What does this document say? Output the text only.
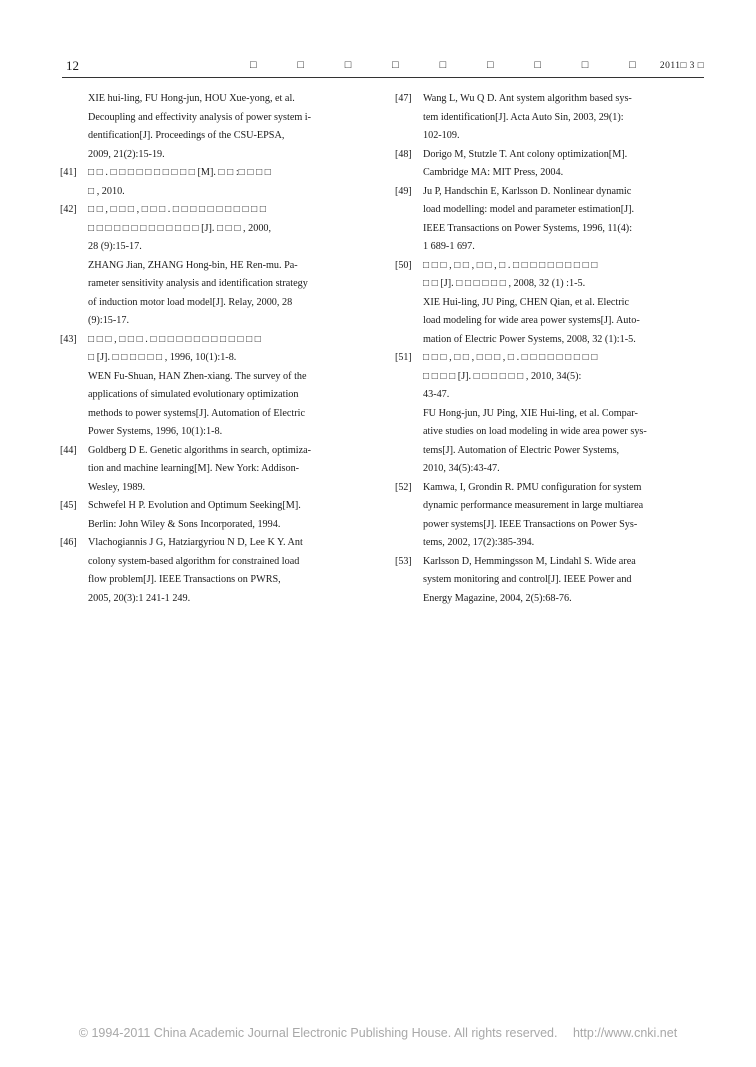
12	□ □ □ □ □ □ □ □ □ 2011□ 3 □
XIE hui-ling, FU Hong-jun, HOU Xue-yong, et al.
Decoupling and effectivity analysis of power system i-
dentification[J]. Proceedings of the CSU-EPSA,
2009, 21(2):15-19.
[41] □ □ . □ □ □ □ □ □ □ □ □ □ [M]. □ □ :□ □ □ □
□ , 2010.
[42] □ □ , □ □ □ , □ □ □ . □ □ □ □ □ □ □ □ □ □ □
□ □ □ □ □ □ □ □ □ □ □ □ □ [J]. □ □ □ , 2000,
28 (9):15-17.
ZHANG Jian, ZHANG Hong-bin, HE Ren-mu. Pa-
rameter sensitivity analysis and identification strategy
of induction motor load model[J]. Relay, 2000, 28
(9):15-17.
[43] □ □ □ , □ □ □ . □ □ □ □ □ □ □ □ □ □ □ □ □
□ [J]. □ □ □ □ □ □ , 1996, 10(1):1-8.
WEN Fu-Shuan, HAN Zhen-xiang. The survey of the
applications of simulated evolutionary optimization
methods to power systems[J]. Automation of Electric
Power Systems, 1996, 10(1):1-8.
[44] Goldberg D E. Genetic algorithms in search, optimiza-
tion and machine learning[M]. New York: Addison-
Wesley, 1989.
[45] Schwefel H P. Evolution and Optimum Seeking[M].
Berlin: John Wiley & Sons Incorporated, 1994.
[46] Vlachogiannis J G, Hatziargyriou N D, Lee K Y. Ant
colony system-based algorithm for constrained load
flow problem[J]. IEEE Transactions on PWRS,
2005, 20(3):1 241-1 249.
[47] Wang L, Wu Q D. Ant system algorithm based sys-
tem identification[J]. Acta Auto Sin, 2003, 29(1):
102-109.
[48] Dorigo M, Stutzle T. Ant colony optimization[M].
Cambridge MA: MIT Press, 2004.
[49] Ju P, Handschin E, Karlsson D. Nonlinear dynamic
load modelling: model and parameter estimation[J].
IEEE Transactions on Power Systems, 1996, 11(4):
1 689-1 697.
[50] □ □ □ , □ □ , □ □ , □ . □ □ □ □ □ □ □ □ □ □
□ □ [J]. □ □ □ □ □ □ , 2008, 32 (1) :1-5.
XIE Hui-ling, JU Ping, CHEN Qian, et al. Electric
load modeling for wide area power systems[J]. Auto-
mation of Electric Power Systems, 2008, 32 (1):1-5.
[51] □ □ □ , □ □ , □ □ □ , □ . □ □ □ □ □ □ □ □ □
□ □ □ □ [J]. □ □ □ □ □ □ , 2010, 34(5):
43-47.
FU Hong-jun, JU Ping, XIE Hui-ling, et al. Compar-
ative studies on load modeling in wide area power sys-
tems[J]. Automation of Electric Power Systems,
2010, 34(5):43-47.
[52] Kamwa, I, Grondin R. PMU configuration for system
dynamic performance measurement in large multiarea
power systems[J]. IEEE Transactions on Power Sys-
tems, 2002, 17(2):385-394.
[53] Karlsson D, Hemmingsson M, Lindahl S. Wide area
system monitoring and control[J]. IEEE Power and
Energy Magazine, 2004, 2(5):68-76.
© 1994-2011 China Academic Journal Electronic Publishing House. All rights reserved. http://www.cnki.net
